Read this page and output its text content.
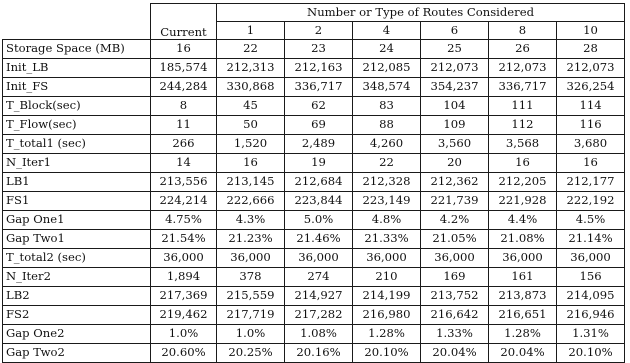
	Current	Number or Type of Routes Considered					
		1	2	4	6	8	10
Storage Space (MB)	16	22	23	24	25	26	28
Init_LB	185,574	212,313	212,163	212,085	212,073	212,073	212,073
Init_FS	244,284	330,868	336,717	348,574	354,237	336,717	326,254
T_Block(sec)	8	45	62	83	104	111	114
T_Flow(sec)	11	50	69	88	109	112	116
T_total1 (sec)	266	1,520	2,489	4,260	3,560	3,568	3,680
N_Iter1	14	16	19	22	20	16	16
LB1	213,556	213,145	212,684	212,328	212,362	212,205	212,177
FS1	224,214	222,666	223,844	223,149	221,739	221,928	222,192
Gap One1	4.75%	4.3%	5.0%	4.8%	4.2%	4.4%	4.5%
Gap Two1	21.54%	21.23%	21.46%	21.33%	21.05%	21.08%	21.14%
T_total2 (sec)	36,000	36,000	36,000	36,000	36,000	36,000	36,000
N_Iter2	1,894	378	274	210	169	161	156
LB2	217,369	215,559	214,927	214,199	213,752	213,873	214,095
FS2	219,462	217,719	217,282	216,980	216,642	216,651	216,946
Gap One2	1.0%	1.0%	1.08%	1.28%	1.33%	1.28%	1.31%
Gap Two2	20.60%	20.25%	20.16%	20.10%	20.04%	20.04%	20.10%
